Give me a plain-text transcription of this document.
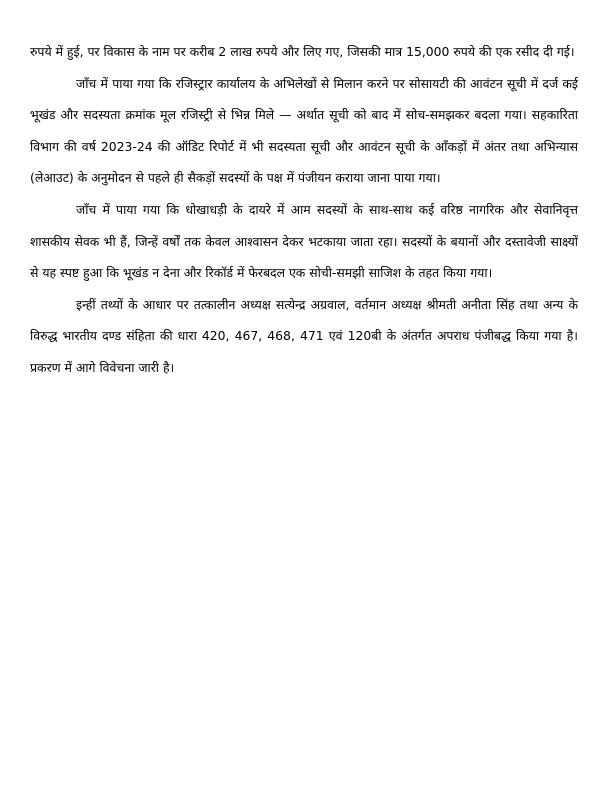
रुपये में हुई, पर विकास के नाम पर करीब 2 लाख रुपये और लिए गए, जिसकी मात्र 15,000 रुपये की एक रसीद दी गई।

जाँच में पाया गया कि रजिस्ट्रार कार्यालय के अभिलेखों से मिलान करने पर सोसायटी की आवंटन सूची में दर्ज कई भूखंड और सदस्यता क्रमांक मूल रजिस्ट्री से भिन्न मिले — अर्थात सूची को बाद में सोच-समझकर बदला गया। सहकारिता विभाग की वर्ष 2023-24 की ऑडिट रिपोर्ट में भी सदस्यता सूची और आवंटन सूची के आँकड़ों में अंतर तथा अभिन्यास (लेआउट) के अनुमोदन से पहले ही सैकड़ों सदस्यों के पक्ष में पंजीयन कराया जाना पाया गया।

जाँच में पाया गया कि धोखाधड़ी के दायरे में आम सदस्यों के साथ-साथ कई वरिष्ठ नागरिक और सेवानिवृत्त शासकीय सेवक भी हैं, जिन्हें वर्षों तक केवल आश्वासन देकर भटकाया जाता रहा। सदस्यों के बयानों और दस्तावेजी साक्ष्यों से यह स्पष्ट हुआ कि भूखंड न देना और रिकॉर्ड में फेरबदल एक सोची-समझी साजिश के तहत किया गया।

इन्हीं तथ्यों के आधार पर तत्कालीन अध्यक्ष सत्येन्द्र अग्रवाल, वर्तमान अध्यक्ष श्रीमती अनीता सिंह तथा अन्य के विरुद्ध भारतीय दण्ड संहिता की धारा 420, 467, 468, 471 एवं 120बी के अंतर्गत अपराध पंजीबद्ध किया गया है। प्रकरण में आगे विवेचना जारी है।
